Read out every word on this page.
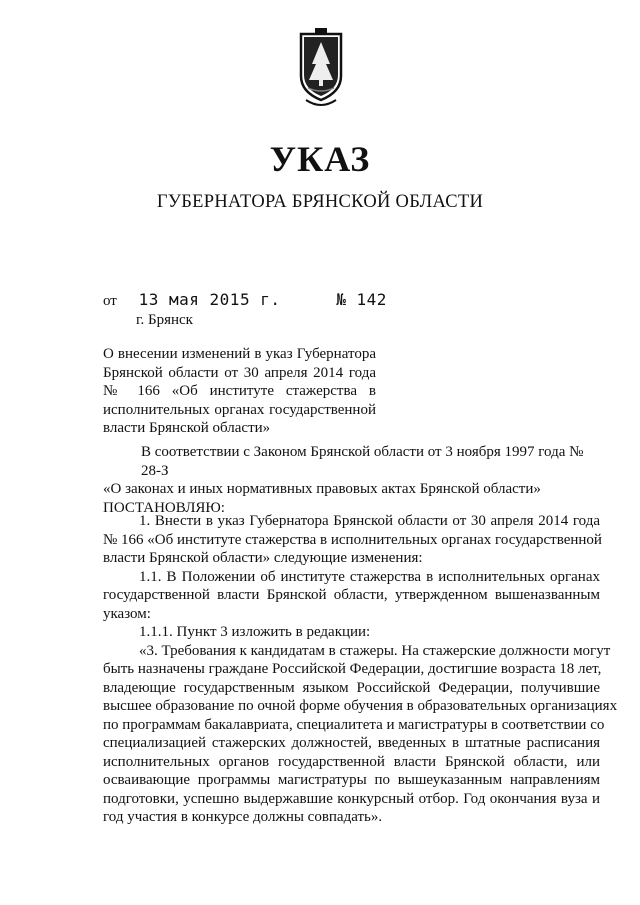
УКАЗ
ГУБЕРНАТОРА БРЯНСКОЙ ОБЛАСТИ
от 13 мая 2015 г.	№ 142
г. Брянск
О внесении изменений в указ Губернатора
Брянской области от 30 апреля 2014 года
№ 166 «Об институте стажерства в
исполнительных органах государственной
власти Брянской области»
В соответствии с Законом Брянской области от 3 ноября 1997 года № 28-З
«О законах и иных нормативных правовых актах Брянской области»
ПОСТАНОВЛЯЮ:
1. Внести в указ Губернатора Брянской области от 30 апреля 2014 года
№ 166 «Об институте стажерства в исполнительных органах государственной
власти Брянской области» следующие изменения:
1.1. В Положении об институте стажерства в исполнительных органах
государственной власти Брянской области, утвержденном вышеназванным
указом:
1.1.1. Пункт 3 изложить в редакции:
«3. Требования к кандидатам в стажеры. На стажерские должности могут
быть назначены граждане Российской Федерации, достигшие возраста 18 лет,
владеющие государственным языком Российской Федерации, получившие
высшее образование по очной форме обучения в образовательных организациях
по программам бакалавриата, специалитета и магистратуры в соответствии со
специализацией стажерских должностей, введенных в штатные расписания
исполнительных органов государственной власти Брянской области, или
осваивающие программы магистратуры по вышеуказанным направлениям
подготовки, успешно выдержавшие конкурсный отбор. Год окончания вуза и
год участия в конкурсе должны совпадать».
